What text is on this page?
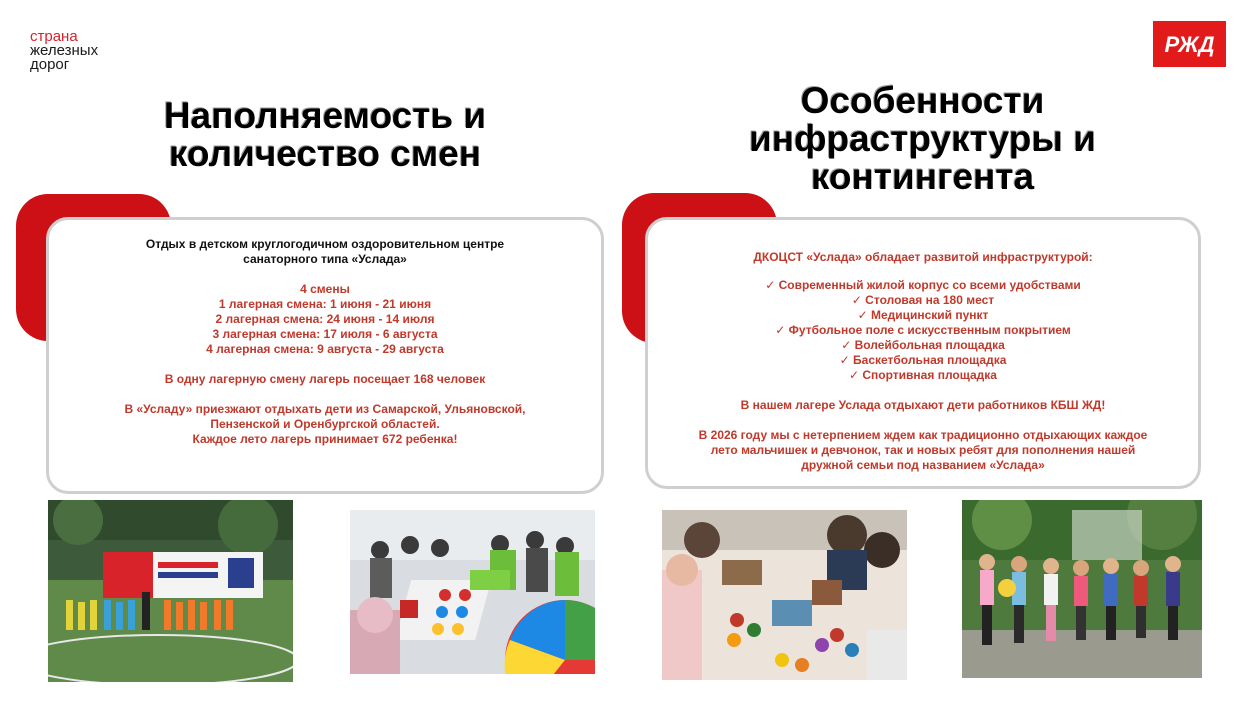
страна
железных
дорог
РЖД
Наполняемость и количество смен
Особенности инфраструктуры и контингента

Отдых в детском круглогодичном оздоровительном центре

санаторного типа «Услада»

4 смены

1 лагерная смена: 1 июня - 21 июня

2 лагерная смена: 24 июня - 14 июля

3 лагерная смена: 17 июля - 6 августа

4 лагерная смена: 9 августа - 29 августа

В одну лагерную смену лагерь посещает 168 человек

В «Усладу» приезжают отдыхать дети из Самарской, Ульяновской,

Пензенской и Оренбургской областей.

Каждое лето лагерь принимает 672 ребенка!

ДКОЦСТ «Услада» обладает развитой инфраструктурой:

✓ Современный жилой корпус со всеми удобствами

✓ Столовая на 180 мест

✓ Медицинский пункт

✓ Футбольное поле с искусственным покрытием

✓ Волейбольная площадка

✓ Баскетбольная площадка

✓ Спортивная площадка

В нашем лагере Услада отдыхают дети работников КБШ ЖД!

В 2026 году мы с нетерпением ждем как традиционно отдыхающих каждое

лето мальчишек и девчонок, так и новых ребят для пополнения нашей

дружной семьи под названием «Услада»
